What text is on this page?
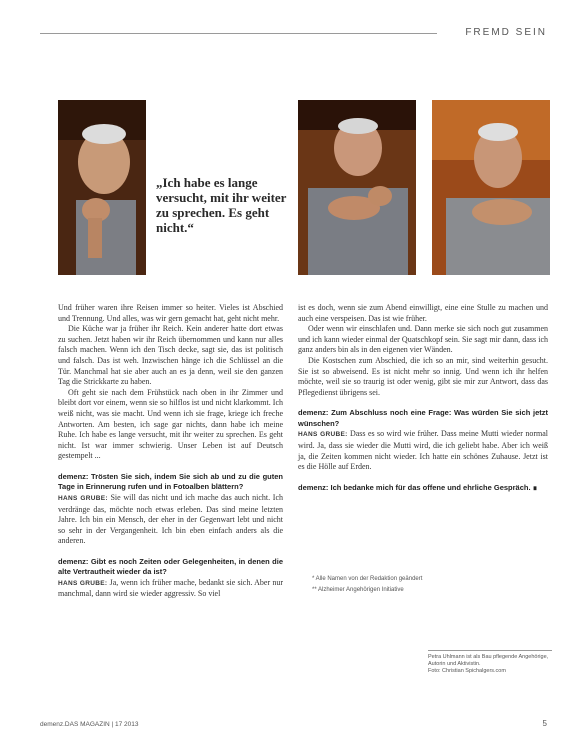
FREMD SEIN
„Ich habe es lange versucht, mit ihr weiter zu sprechen. Es geht nicht.“

Und früher waren ihre Reisen immer so heiter. Vieles ist Abschied und Trennung. Und alles, was wir gern gemacht hat, geht nicht mehr.

Die Küche war ja früher ihr Reich. Kein anderer hatte dort etwas zu suchen. Jetzt haben wir ihr Reich übernommen und kann nur alles falsch machen. Wenn ich den Tisch decke, sagt sie, das ist politisch und falsch. Das ist weh. Inzwischen hänge ich die Schlüssel an die Tür. Manchmal hat sie aber auch an es ja denn, weil sie den ganzen Tag die Strickkarte zu haben.

Oft geht sie nach dem Frühstück nach oben in ihr Zimmer und bleibt dort vor einem, wenn sie so hilflos ist und nicht klarkommt. Ich weiß nicht, was sie macht. Und wenn ich sie frage, kriege ich freche Antworten. Am besten, ich sage gar nichts, dann habe ich meine Ruhe. Ich habe es lange versucht, mit ihr weiter zu sprechen. Es geht nicht. Ist war immer schwierig. Unser Leben ist auf Deutsch gestempelt ...

demenz: Trösten Sie sich, indem Sie sich ab und zu die guten Tage in Erinnerung rufen und in Fotoalben blättern?

HANS GRUBE: Sie will das nicht und ich mache das auch nicht. Ich verdränge das, möchte noch etwas erleben. Das sind meine letzten Jahre. Ich bin ein Mensch, der eher in der Gegenwart lebt und nicht so sehr in der Vergangenheit. Ich bin eben einfach anders als die anderen.

demenz: Gibt es noch Zeiten oder Gelegenheiten, in denen die alte Vertrautheit wieder da ist?

HANS GRUBE: Ja, wenn ich früher mache, bedankt sie sich. Aber nur manchmal, dann wird sie wieder aggressiv. So viel

ist es doch, wenn sie zum Abend einwilligt, eine eine Stulle zu machen und auch eine verspeisen. Das ist wie früher.

Oder wenn wir einschlafen und. Dann merke sie sich noch gut zusammen und ich kann wieder einmal der Quatschkopf sein. Sie sagt mir dann, dass ich ganz anders bin als in den eigenen vier Wänden.

Die Kostschen zum Abschied, die ich so an mir, sind weiterhin gesucht. Sie ist so abweisend. Es ist nicht mehr so innig. Und wenn ich ihr helfen möchte, weil sie so traurig ist oder wenig, gibt sie mir zur Antwort, dass das Pflegedienst übrigens sei.

demenz: Zum Abschluss noch eine Frage: Was würden Sie sich jetzt wünschen?

HANS GRUBE: Dass es so wird wie früher. Dass meine Mutti wieder normal wird. Ja, dass sie wieder die Mutti wird, die ich geliebt habe. Aber ich weiß ja, die Zeiten kommen nicht wieder. Ich hatte ein schönes Zuhause. Jetzt ist es die Hölle auf Erden.

demenz: Ich bedanke mich für das offene und ehrliche Gespräch. ∎

* Alle Namen von der Redaktion geändert
** Alzheimer Angehörigen Initiative
Petra Uhlmann ist als Bau pflegende Angehörige, Autorin und Aktivistin.
Foto: Christian Spichalgers.com
demenz.DAS MAGAZIN | 17 2013	5
